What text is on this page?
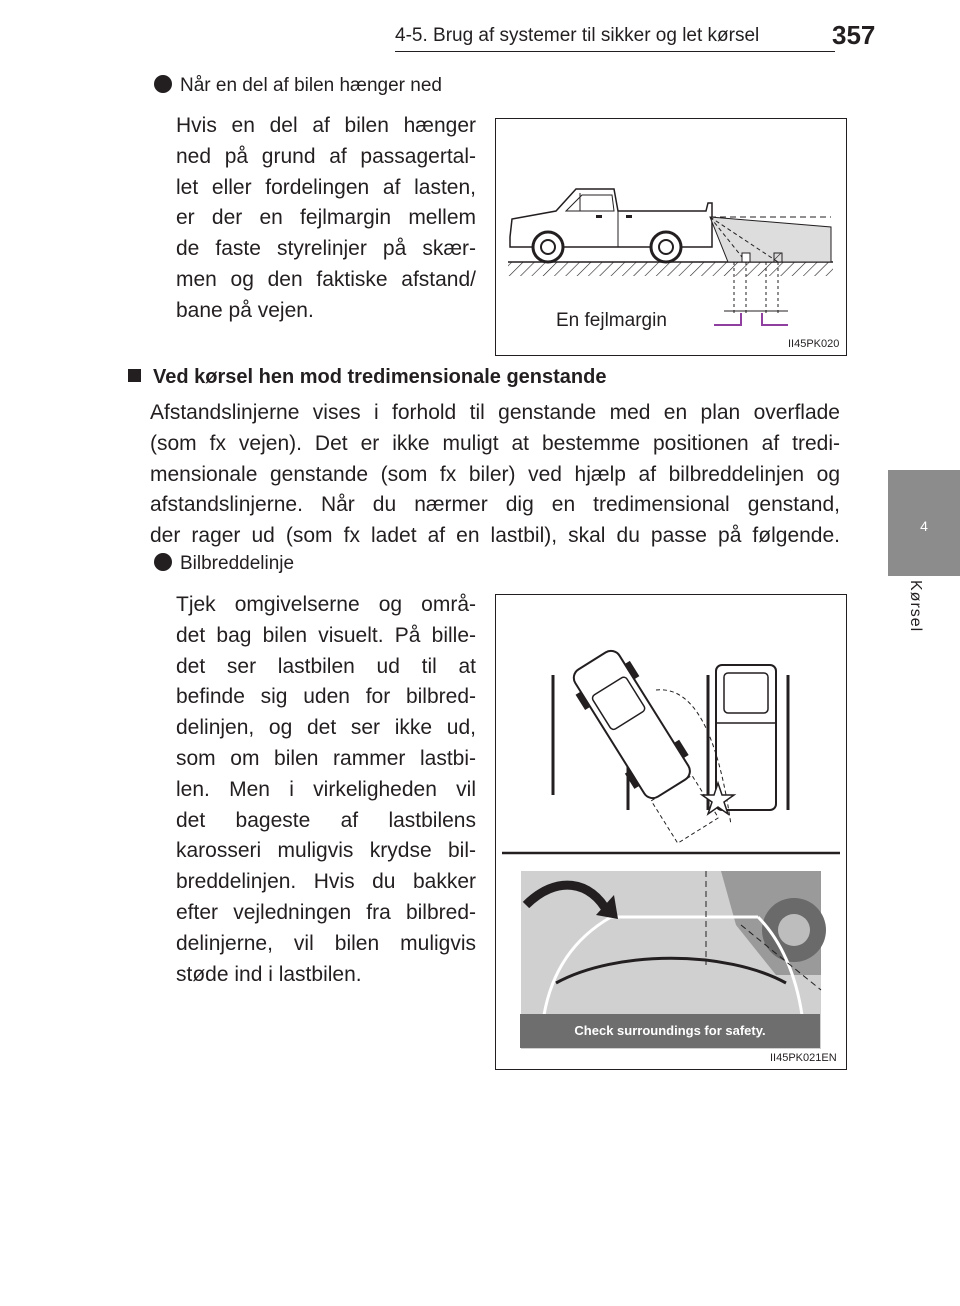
4-5. Brug af systemer til sikker og let kørsel	357
4
Kørsel
Når en del af bilen hænger ned
Hvis en del af bilen hænger
ned på grund af passagertal-
let eller fordelingen af lasten,
er der en fejlmargin mellem
de faste styrelinjer på skær-
men og den faktiske afstand/
bane på vejen.	En fejlmargin
II45PK020
Ved kørsel hen mod tredimensionale genstande
Afstandslinjerne vises i forhold til genstande med en plan overflade
(som fx vejen). Det er ikke muligt at bestemme positionen af tredi-
mensionale genstande (som fx biler) ved hjælp af bilbreddelinjen og
afstandslinjerne. Når du nærmer dig en tredimensional genstand,
der rager ud (som fx ladet af en lastbil), skal du passe på følgende.
Bilbreddelinje
Tjek omgivelserne og områ-
det bag bilen visuelt. På bille-
det ser lastbilen ud til at
befinde sig uden for bilbred-
delinjen, og det ser ikke ud,
som om bilen rammer lastbi-
len. Men i virkeligheden vil
det bageste af lastbilens
karosseri muligvis krydse bil-
breddelinjen. Hvis du bakker
efter vejledningen fra bilbred-
delinjerne, vil bilen muligvis
støde ind i lastbilen.
Check surroundings for safety.
II45PK021EN
